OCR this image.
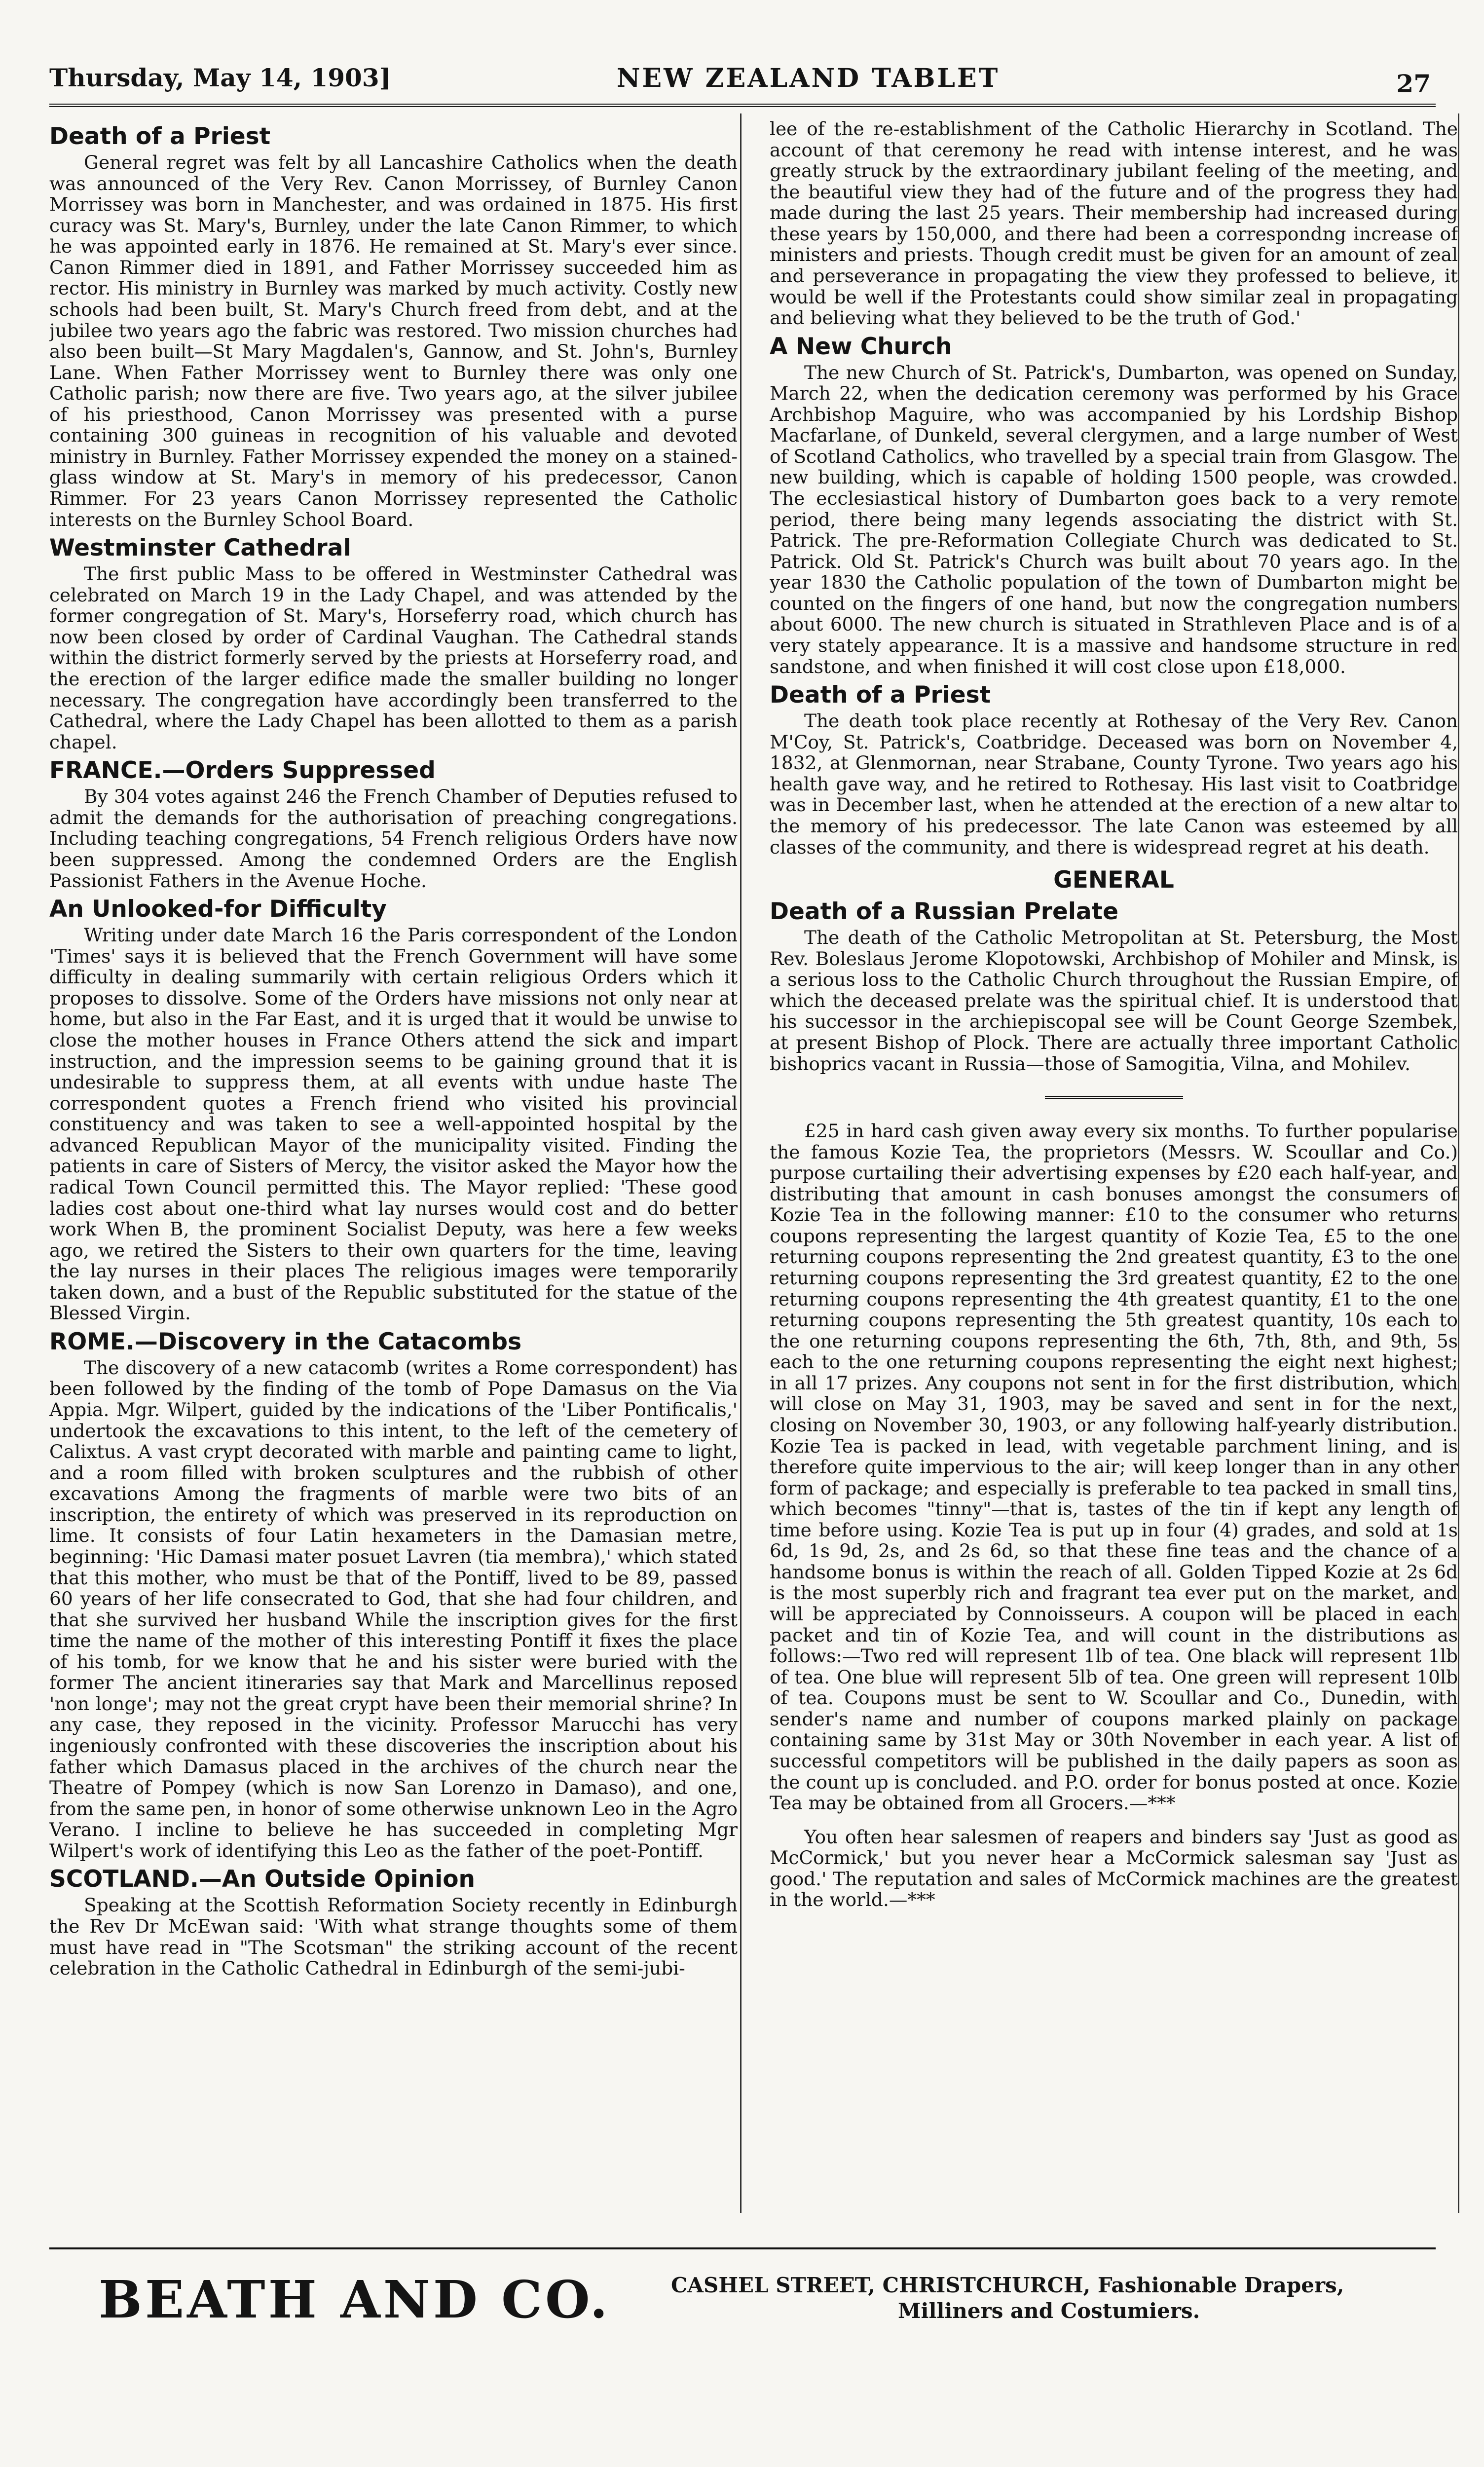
Thursday, May 14, 1903]	NEW ZEALAND TABLET	27
Death of a Priest

General regret was felt by all Lancashire Catholics when the death was announced of the Very Rev. Canon Morrissey, of Burnley Canon Morrissey was born in Manchester, and was ordained in 1875. His first curacy was St. Mary's, Burnley, under the late Canon Rimmer, to which he was appointed early in 1876. He remained at St. Mary's ever since. Canon Rimmer died in 1891, and Father Morrissey succeeded him as rector. His ministry in Burnley was marked by much activity. Costly new schools had been built, St. Mary's Church freed from debt, and at the jubilee two years ago the fabric was restored. Two mission churches had also been built—St Mary Magdalen's, Gannow, and St. John's, Burnley Lane. When Father Morrissey went to Burnley there was only one Catholic parish; now there are five. Two years ago, at the silver jubilee of his priesthood, Canon Morrissey was presented with a purse containing 300 guineas in recognition of his valuable and devoted ministry in Burnley. Father Morrissey expended the money on a stained-glass window at St. Mary's in memory of his predecessor, Canon Rimmer. For 23 years Canon Morrissey represented the Catholic interests on the Burnley School Board.

Westminster Cathedral

The first public Mass to be offered in Westminster Cathedral was celebrated on March 19 in the Lady Chapel, and was attended by the former congregation of St. Mary's, Horseferry road, which church has now been closed by order of Cardinal Vaughan. The Cathedral stands within the district formerly served by the priests at Horseferry road, and the erection of the larger edifice made the smaller building no longer necessary. The congregation have accordingly been transferred to the Cathedral, where the Lady Chapel has been allotted to them as a parish chapel.

FRANCE.—Orders Suppressed

By 304 votes against 246 the French Chamber of Deputies refused to admit the demands for the authorisation of preaching congregations. Including teaching congregations, 54 French religious Orders have now been suppressed. Among the condemned Orders are the English Passionist Fathers in the Avenue Hoche.

An Unlooked-for Difficulty

Writing under date March 16 the Paris correspondent of the London 'Times' says it is believed that the French Government will have some difficulty in dealing summarily with certain religious Orders which it proposes to dissolve. Some of the Orders have missions not only near at home, but also in the Far East, and it is urged that it would be unwise to close the mother houses in France Others attend the sick and impart instruction, and the impression seems to be gaining ground that it is undesirable to suppress them, at all events with undue haste The correspondent quotes a French friend who visited his provincial constituency and was taken to see a well-appointed hospital by the advanced Republican Mayor of the municipality visited. Finding the patients in care of Sisters of Mercy, the visitor asked the Mayor how the radical Town Council permitted this. The Mayor replied: 'These good ladies cost about one-third what lay nurses would cost and do better work When B, the prominent Socialist Deputy, was here a few weeks ago, we retired the Sisters to their own quarters for the time, leaving the lay nurses in their places The religious images were temporarily taken down, and a bust of the Republic substituted for the statue of the Blessed Virgin.

ROME.—Discovery in the Catacombs

The discovery of a new catacomb (writes a Rome correspondent) has been followed by the finding of the tomb of Pope Damasus on the Via Appia. Mgr. Wilpert, guided by the indications of the 'Liber Pontificalis,' undertook the excavations to this intent, to the left of the cemetery of Calixtus. A vast crypt decorated with marble and painting came to light, and a room filled with broken sculptures and the rubbish of other excavations Among the fragments of marble were two bits of an inscription, the entirety of which was preserved in its reproduction on lime. It consists of four Latin hexameters in the Damasian metre, beginning: 'Hic Damasi mater posuet Lavren (tia membra),' which stated that this mother, who must be that of the Pontiff, lived to be 89, passed 60 years of her life consecrated to God, that she had four children, and that she survived her husband While the inscription gives for the first time the name of the mother of this interesting Pontiff it fixes the place of his tomb, for we know that he and his sister were buried with the former The ancient itineraries say that Mark and Marcellinus reposed 'non longe'; may not the great crypt have been their memorial shrine? In any case, they reposed in the vicinity. Professor Marucchi has very ingeniously confronted with these discoveries the inscription about his father which Damasus placed in the archives of the church near the Theatre of Pompey (which is now San Lorenzo in Damaso), and one, from the same pen, in honor of some otherwise unknown Leo in the Agro Verano. I incline to believe he has succeeded in completing Mgr Wilpert's work of identifying this Leo as the father of the poet-Pontiff.

SCOTLAND.—An Outside Opinion

Speaking at the Scottish Reformation Society recently in Edinburgh the Rev Dr McEwan said: 'With what strange thoughts some of them must have read in "The Scotsman" the striking account of the recent celebration in the Catholic Cathedral in Edinburgh of the semi-jubi-

lee of the re-establishment of the Catholic Hierarchy in Scotland. The account of that ceremony he read with intense interest, and he was greatly struck by the extraordinary jubilant feeling of the meeting, and the beautiful view they had of the future and of the progress they had made during the last 25 years. Their membership had increased during these years by 150,000, and there had been a correspondng increase of ministers and priests. Though credit must be given for an amount of zeal and perseverance in propagating the view they professed to believe, it would be well if the Protestants could show similar zeal in propagating and believing what they believed to be the truth of God.'

A New Church

The new Church of St. Patrick's, Dumbarton, was opened on Sunday, March 22, when the dedication ceremony was performed by his Grace Archbishop Maguire, who was accompanied by his Lordship Bishop Macfarlane, of Dunkeld, several clergymen, and a large number of West of Scotland Catholics, who travelled by a special train from Glasgow. The new building, which is capable of holding 1500 people, was crowded. The ecclesiastical history of Dumbarton goes back to a very remote period, there being many legends associating the district with St. Patrick. The pre-Reformation Collegiate Church was dedicated to St. Patrick. Old St. Patrick's Church was built about 70 years ago. In the year 1830 the Catholic population of the town of Dumbarton might be counted on the fingers of one hand, but now the congregation numbers about 6000. The new church is situated in Strathleven Place and is of a very stately appearance. It is a massive and handsome structure in red sandstone, and when finished it will cost close upon £18,000.

Death of a Priest

The death took place recently at Rothesay of the Very Rev. Canon M'Coy, St. Patrick's, Coatbridge. Deceased was born on November 4, 1832, at Glenmornan, near Strabane, County Tyrone. Two years ago his health gave way, and he retired to Rothesay. His last visit to Coatbridge was in December last, when he attended at the erection of a new altar to the memory of his predecessor. The late Canon was esteemed by all classes of the community, and there is widespread regret at his death.

GENERAL
Death of a Russian Prelate

The death of the Catholic Metropolitan at St. Petersburg, the Most Rev. Boleslaus Jerome Klopotowski, Archbishop of Mohiler and Minsk, is a serious loss to the Catholic Church throughout the Russian Empire, of which the deceased prelate was the spiritual chief. It is understood that his successor in the archiepiscopal see will be Count George Szembek, at present Bishop of Plock. There are actually three important Catholic bishoprics vacant in Russia—those of Samogitia, Vilna, and Mohilev.

£25 in hard cash given away every six months. To further popularise the famous Kozie Tea, the proprietors (Messrs. W. Scoullar and Co.) purpose curtailing their advertising expenses by £20 each half-year, and distributing that amount in cash bonuses amongst the consumers of Kozie Tea in the following manner: £10 to the consumer who returns coupons representing the largest quantity of Kozie Tea, £5 to the one returning coupons representing the 2nd greatest quantity, £3 to the one returning coupons representing the 3rd greatest quantity, £2 to the one returning coupons representing the 4th greatest quantity, £1 to the one returning coupons representing the 5th greatest quantity, 10s each to the one returning coupons representing the 6th, 7th, 8th, and 9th, 5s each to the one returning coupons representing the eight next highest; in all 17 prizes. Any coupons not sent in for the first distribution, which will close on May 31, 1903, may be saved and sent in for the next, closing on November 30, 1903, or any following half-yearly distribution. Kozie Tea is packed in lead, with vegetable parchment lining, and is therefore quite impervious to the air; will keep longer than in any other form of package; and especially is preferable to tea packed in small tins, which becomes "tinny"—that is, tastes of the tin if kept any length of time before using. Kozie Tea is put up in four (4) grades, and sold at 1s 6d, 1s 9d, 2s, and 2s 6d, so that these fine teas and the chance of a handsome bonus is within the reach of all. Golden Tipped Kozie at 2s 6d is the most superbly rich and fragrant tea ever put on the market, and will be appreciated by Connoisseurs. A coupon will be placed in each packet and tin of Kozie Tea, and will count in the distributions as follows:—Two red will represent 1lb of tea. One black will represent 1lb of tea. One blue will represent 5lb of tea. One green will represent 10lb of tea. Coupons must be sent to W. Scoullar and Co., Dunedin, with sender's name and number of coupons marked plainly on package containing same by 31st May or 30th November in each year. A list of successful competitors will be published in the daily papers as soon as the count up is concluded. and P.O. order for bonus posted at once. Kozie Tea may be obtained from all Grocers.—***

You often hear salesmen of reapers and binders say 'Just as good as McCormick,' but you never hear a McCormick salesman say 'Just as good.' The reputation and sales of McCormick machines are the greatest in the world.—***

BEATH AND CO.	CASHEL STREET, CHRISTCHURCH, Fashionable Drapers,
Milliners and Costumiers.
